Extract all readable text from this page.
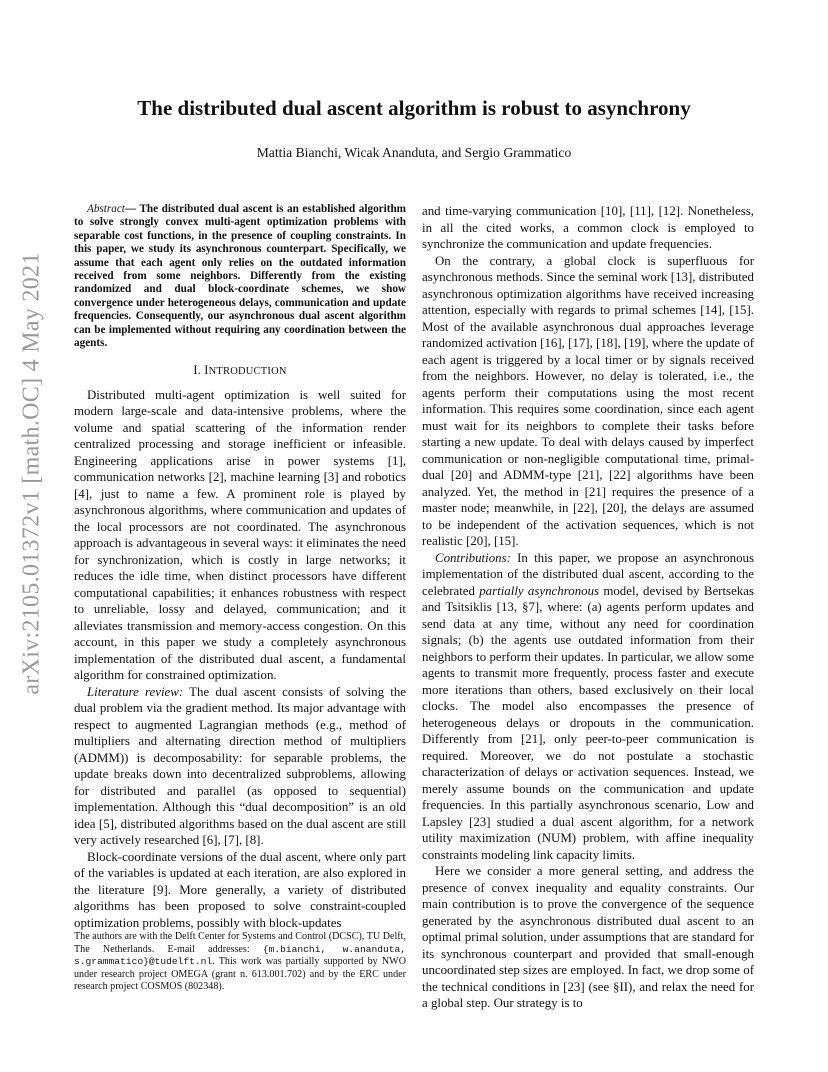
arXiv:2105.01372v1 [math.OC] 4 May 2021
The distributed dual ascent algorithm is robust to asynchrony
Mattia Bianchi, Wicak Ananduta, and Sergio Grammatico

Abstract— The distributed dual ascent is an established algorithm to solve strongly convex multi-agent optimization problems with separable cost functions, in the presence of coupling constraints. In this paper, we study its asynchronous counterpart. Specifically, we assume that each agent only relies on the outdated information received from some neighbors. Differently from the existing randomized and dual block-coordinate schemes, we show convergence under heterogeneous delays, communication and update frequencies. Consequently, our asynchronous dual ascent algorithm can be implemented without requiring any coordination between the agents.

I. INTRODUCTION

Distributed multi-agent optimization is well suited for modern large-scale and data-intensive problems, where the volume and spatial scattering of the information render centralized processing and storage inefficient or infeasible. Engineering applications arise in power systems [1], communication networks [2], machine learning [3] and robotics [4], just to name a few. A prominent role is played by asynchronous algorithms, where communication and updates of the local processors are not coordinated. The asynchronous approach is advantageous in several ways: it eliminates the need for synchronization, which is costly in large networks; it reduces the idle time, when distinct processors have different computational capabilities; it enhances robustness with respect to unreliable, lossy and delayed, communication; and it alleviates transmission and memory-access congestion. On this account, in this paper we study a completely asynchronous implementation of the distributed dual ascent, a fundamental algorithm for constrained optimization.

Literature review: The dual ascent consists of solving the dual problem via the gradient method. Its major advantage with respect to augmented Lagrangian methods (e.g., method of multipliers and alternating direction method of multipliers (ADMM)) is decomposability: for separable problems, the update breaks down into decentralized subproblems, allowing for distributed and parallel (as opposed to sequential) implementation. Although this “dual decomposition” is an old idea [5], distributed algorithms based on the dual ascent are still very actively researched [6], [7], [8].

Block-coordinate versions of the dual ascent, where only part of the variables is updated at each iteration, are also explored in the literature [9]. More generally, a variety of distributed algorithms has been proposed to solve constraint-coupled optimization problems, possibly with block-updates

The authors are with the Delft Center for Systems and Control (DCSC), TU Delft, The Netherlands. E-mail addresses: {m.bianchi, w.ananduta, s.grammatico}@tudelft.nl. This work was partially supported by NWO under research project OMEGA (grant n. 613.001.702) and by the ERC under research project COSMOS (802348).

and time-varying communication [10], [11], [12]. Nonetheless, in all the cited works, a common clock is employed to synchronize the communication and update frequencies.

On the contrary, a global clock is superfluous for asynchronous methods. Since the seminal work [13], distributed asynchronous optimization algorithms have received increasing attention, especially with regards to primal schemes [14], [15]. Most of the available asynchronous dual approaches leverage randomized activation [16], [17], [18], [19], where the update of each agent is triggered by a local timer or by signals received from the neighbors. However, no delay is tolerated, i.e., the agents perform their computations using the most recent information. This requires some coordination, since each agent must wait for its neighbors to complete their tasks before starting a new update. To deal with delays caused by imperfect communication or non-negligible computational time, primal-dual [20] and ADMM-type [21], [22] algorithms have been analyzed. Yet, the method in [21] requires the presence of a master node; meanwhile, in [22], [20], the delays are assumed to be independent of the activation sequences, which is not realistic [20], [15].

Contributions: In this paper, we propose an asynchronous implementation of the distributed dual ascent, according to the celebrated partially asynchronous model, devised by Bertsekas and Tsitsiklis [13, §7], where: (a) agents perform updates and send data at any time, without any need for coordination signals; (b) the agents use outdated information from their neighbors to perform their updates. In particular, we allow some agents to transmit more frequently, process faster and execute more iterations than others, based exclusively on their local clocks. The model also encompasses the presence of heterogeneous delays or dropouts in the communication. Differently from [21], only peer-to-peer communication is required. Moreover, we do not postulate a stochastic characterization of delays or activation sequences. Instead, we merely assume bounds on the communication and update frequencies. In this partially asynchronous scenario, Low and Lapsley [23] studied a dual ascent algorithm, for a network utility maximization (NUM) problem, with affine inequality constraints modeling link capacity limits.

Here we consider a more general setting, and address the presence of convex inequality and equality constraints. Our main contribution is to prove the convergence of the sequence generated by the asynchronous distributed dual ascent to an optimal primal solution, under assumptions that are standard for its synchronous counterpart and provided that small-enough uncoordinated step sizes are employed. In fact, we drop some of the technical conditions in [23] (see §II), and relax the need for a global step. Our strategy is to
